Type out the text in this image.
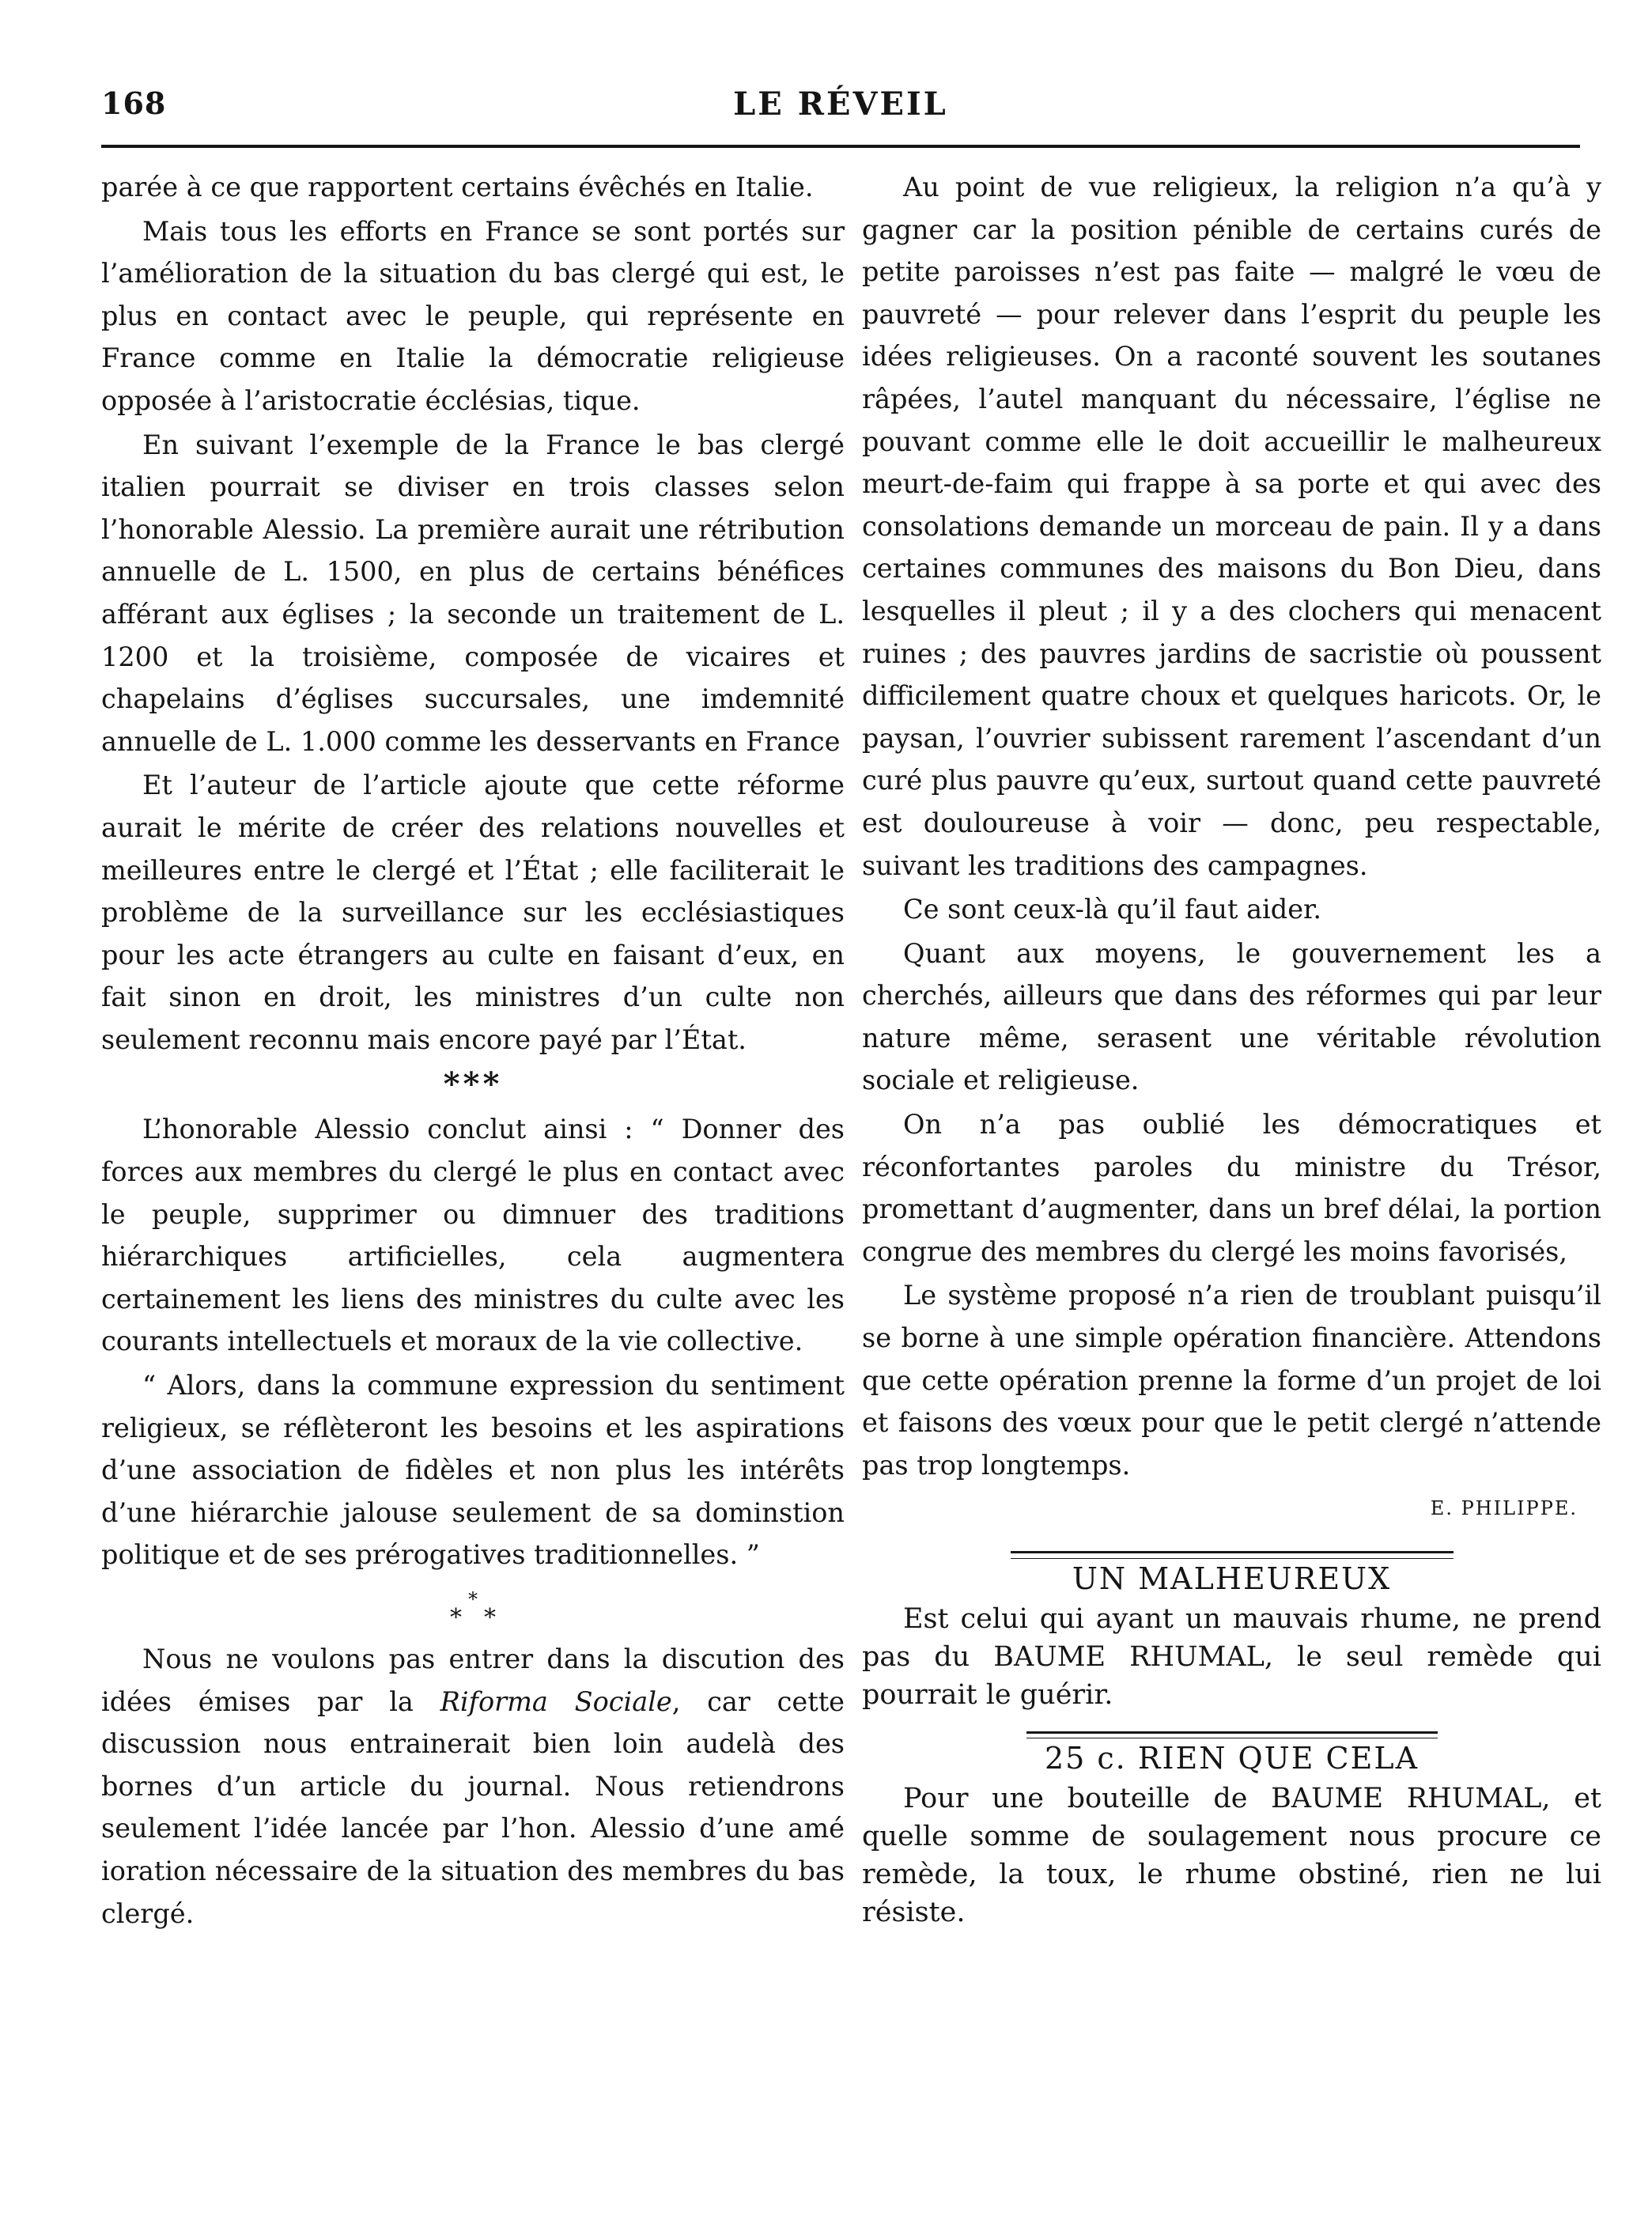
168	LE RÉVEIL

parée à ce que rapportent certains évêchés en Italie.

Mais tous les efforts en France se sont portés sur l’amélioration de la situation du bas clergé qui est, le plus en contact avec le peuple, qui représente en France comme en Italie la démocratie religieuse opposée à l’aristocratie écclésias, tique.

En suivant l’exemple de la France le bas clergé italien pourrait se diviser en trois classes selon l’honorable Alessio. La première aurait une rétribution annuelle de L. 1500, en plus de certains bénéfices afférant aux églises ; la seconde un traitement de L. 1200 et la troisième, composée de vicaires et chapelains d’églises succursales, une imdemnité annuelle de L. 1.000 comme les desservants en France

Et l’auteur de l’article ajoute que cette réforme aurait le mérite de créer des relations nouvelles et meilleures entre le clergé et l’État ; elle faciliterait le problème de la surveillance sur les ecclésiastiques pour les acte étrangers au culte en faisant d’eux, en fait sinon en droit, les ministres d’un culte non seulement reconnu mais encore payé par l’État.

***

L’honorable Alessio conclut ainsi : “ Donner des forces aux membres du clergé le plus en contact avec le peuple, supprimer ou dimnuer des traditions hiérarchiques artificielles, cela augmentera certainement les liens des ministres du culte avec les courants intellectuels et moraux de la vie collective.

“ Alors, dans la commune expression du sentiment religieux, se réflèteront les besoins et les aspirations d’une association de fidèles et non plus les intérêts d’une hiérarchie jalouse seulement de sa dominstion politique et de ses prérogatives traditionnelles. ”

*
**

Nous ne voulons pas entrer dans la discution des idées émises par la Riforma Sociale, car cette discussion nous entrainerait bien loin audelà des bornes d’un article du journal. Nous retiendrons seulement l’idée lancée par l’hon. Alessio d’une amé ioration nécessaire de la situation des membres du bas clergé.

Au point de vue religieux, la religion n’a qu’à y gagner car la position pénible de certains curés de petite paroisses n’est pas faite — malgré le vœu de pauvreté — pour relever dans l’esprit du peuple les idées religieuses. On a raconté souvent les soutanes râpées, l’autel manquant du nécessaire, l’église ne pouvant comme elle le doit accueillir le malheureux meurt-de-faim qui frappe à sa porte et qui avec des consolations demande un morceau de pain. Il y a dans certaines communes des maisons du Bon Dieu, dans lesquelles il pleut ; il y a des clochers qui menacent ruines ; des pauvres jardins de sacristie où poussent difficilement quatre choux et quelques haricots. Or, le paysan, l’ouvrier subissent rarement l’ascendant d’un curé plus pauvre qu’eux, surtout quand cette pauvreté est douloureuse à voir — donc, peu respectable, suivant les traditions des campagnes.

Ce sont ceux-là qu’il faut aider.

Quant aux moyens, le gouvernement les a cherchés, ailleurs que dans des réformes qui par leur nature même, serasent une véritable révolution sociale et religieuse.

On n’a pas oublié les démocratiques et réconfortantes paroles du ministre du Trésor, promettant d’augmenter, dans un bref délai, la portion congrue des membres du clergé les moins favorisés,

Le système proposé n’a rien de troublant puisqu’il se borne à une simple opération financière. Attendons que cette opération prenne la forme d’un projet de loi et faisons des vœux pour que le petit clergé n’attende pas trop longtemps.

E. PHILIPPE.

UN MALHEUREUX

Est celui qui ayant un mauvais rhume, ne prend pas du BAUME RHUMAL, le seul remède qui pourrait le guérir.

25 c. RIEN QUE CELA

Pour une bouteille de BAUME RHUMAL, et quelle somme de soulagement nous procure ce remède, la toux, le rhume obstiné, rien ne lui résiste.
